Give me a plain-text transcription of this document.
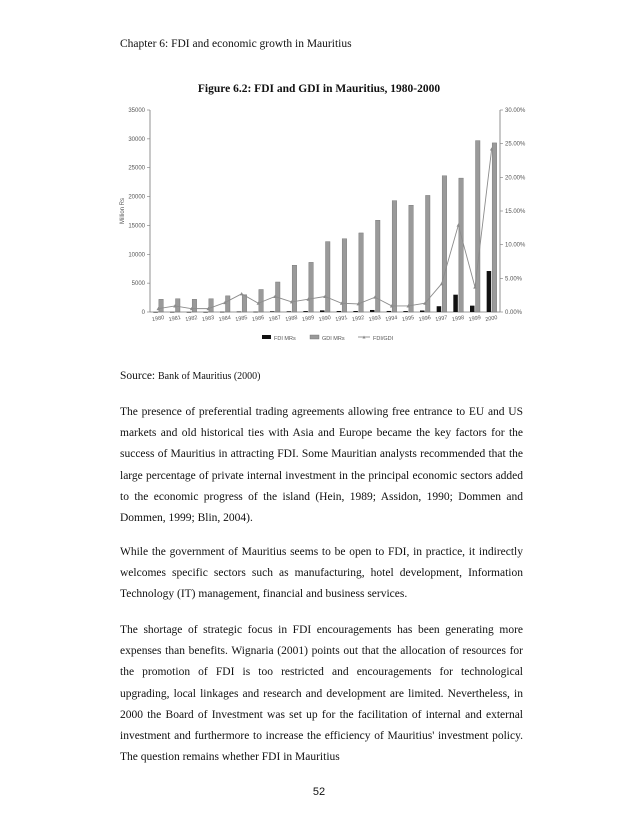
Chapter 6: FDI and economic growth in Mauritius
Figure 6.2: FDI and GDI in Mauritius, 1980-2000
0
5000
10000
15000
20000
25000
30000
35000
0.00%
5.00%
10.00%
15.00%
20.00%
25.00%
30.00%
Million Rs
1980 1981 1982 1983 1984 1985 1986 1987 1988 1989 1990 1991 1992 1993 1994 1995 1996 1997 1998 1999 2000
FDI MRs	GDI MRs	FDI/GDI
Source: Bank of Mauritius (2000)

The presence of preferential trading agreements allowing free entrance to EU and US markets and old historical ties with Asia and Europe became the key factors for the success of Mauritius in attracting FDI. Some Mauritian analysts recommended that the large percentage of private internal investment in the principal economic sectors added to the economic progress of the island (Hein, 1989; Assidon, 1990; Dommen and Dommen, 1999; Blin, 2004).

While the government of Mauritius seems to be open to FDI, in practice, it indirectly welcomes specific sectors such as manufacturing, hotel development, Information Technology (IT) management, financial and business services.

The shortage of strategic focus in FDI encouragements has been generating more expenses than benefits. Wignaria (2001) points out that the allocation of resources for the promotion of FDI is too restricted and encouragements for technological upgrading, local linkages and research and development are limited. Nevertheless, in 2000 the Board of Investment was set up for the facilitation of internal and external investment and furthermore to increase the efficiency of Mauritius' investment policy. The question remains whether FDI in Mauritius

52
